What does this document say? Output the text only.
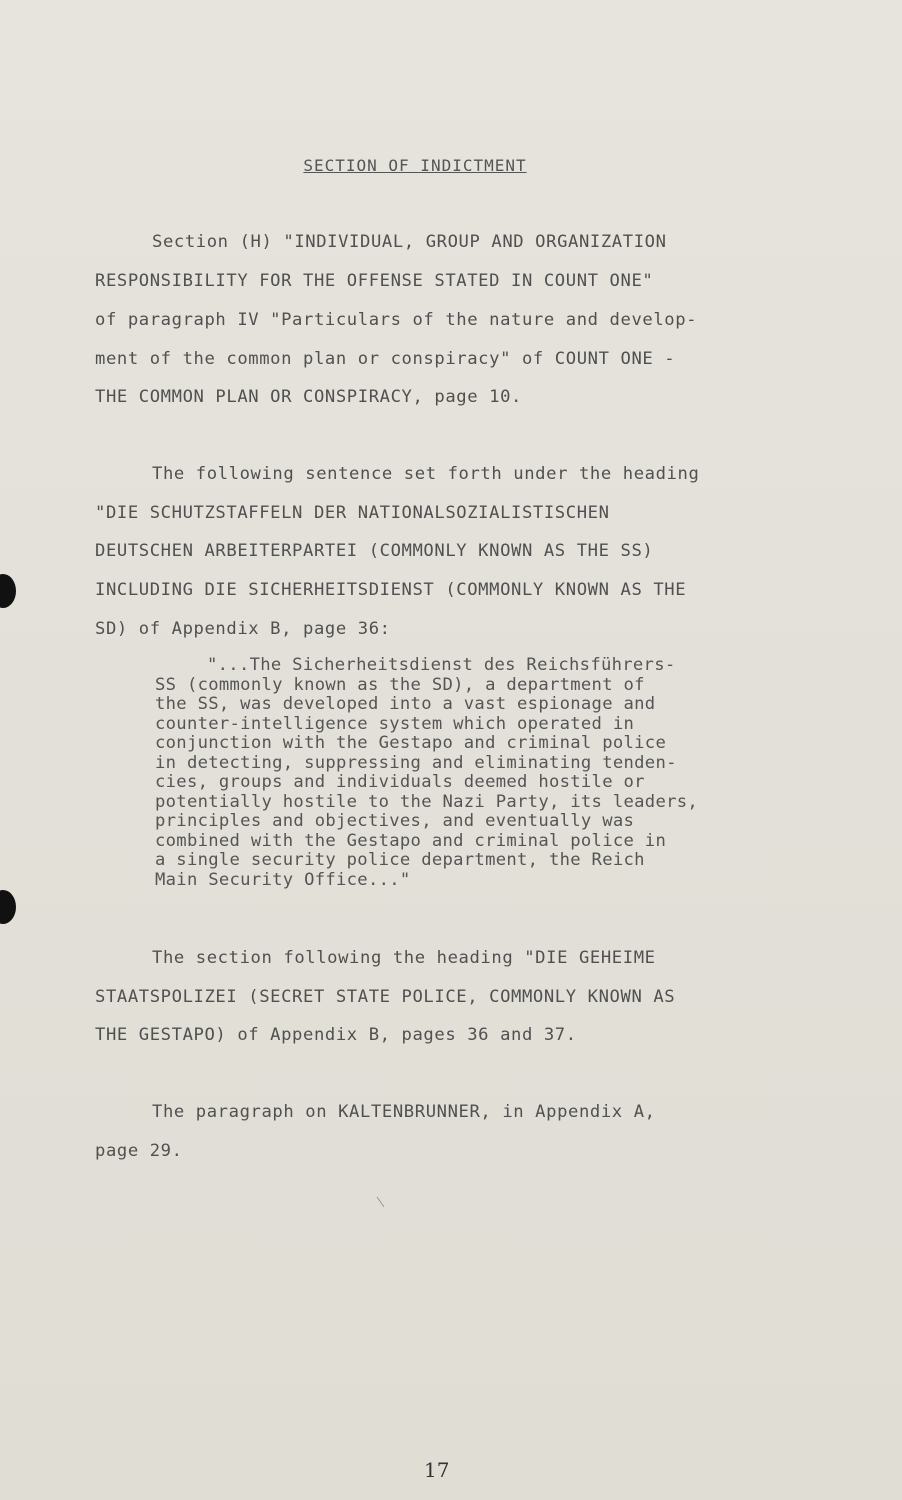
SECTION OF INDICTMENT
Section (H) "INDIVIDUAL, GROUP AND ORGANIZATION
RESPONSIBILITY FOR THE OFFENSE STATED IN COUNT ONE"
of paragraph IV "Particulars of the nature and develop-
ment of the common plan or conspiracy" of COUNT ONE -
THE COMMON PLAN OR CONSPIRACY, page 10.
The following sentence set forth under the heading
"DIE SCHUTZSTAFFELN DER NATIONALSOZIALISTISCHEN
DEUTSCHEN ARBEITERPARTEI (COMMONLY KNOWN AS THE SS)
INCLUDING DIE SICHERHEITSDIENST (COMMONLY KNOWN AS THE
SD) of Appendix B, page 36:
"...The Sicherheitsdienst des Reichsführers-
SS (commonly known as the SD), a department of
the SS, was developed into a vast espionage and
counter-intelligence system which operated in
conjunction with the Gestapo and criminal police
in detecting, suppressing and eliminating tenden-
cies, groups and individuals deemed hostile or
potentially hostile to the Nazi Party, its leaders,
principles and objectives, and eventually was
combined with the Gestapo and criminal police in
a single security police department, the Reich
Main Security Office..."
The section following the heading "DIE GEHEIME
STAATSPOLIZEI (SECRET STATE POLICE, COMMONLY KNOWN AS
THE GESTAPO) of Appendix B, pages 36 and 37.
The paragraph on KALTENBRUNNER, in Appendix A,
page 29.
17
